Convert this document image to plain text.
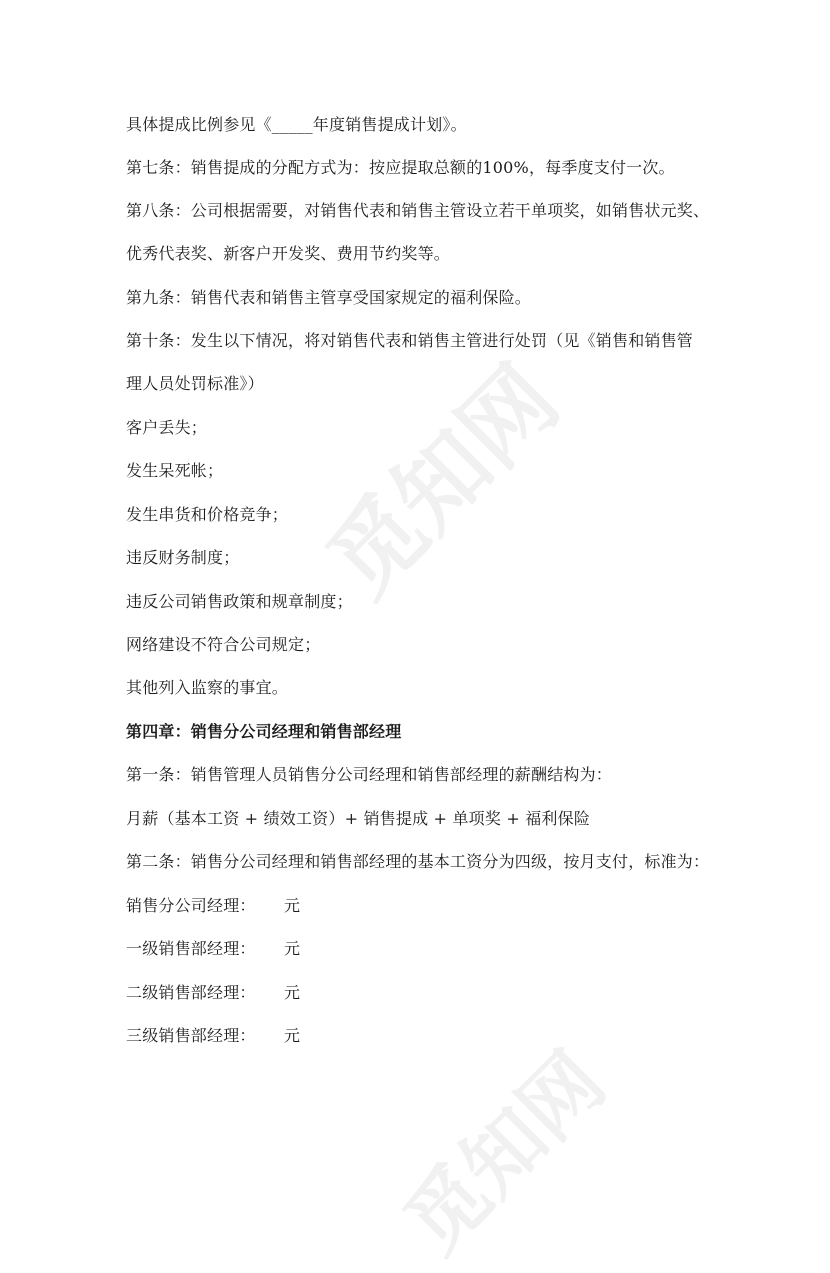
具体提成比例参见《_____年度销售提成计划》。
第七条：销售提成的分配方式为：按应提取总额的100%，每季度支付一次。
第八条：公司根据需要，对销售代表和销售主管设立若干单项奖，如销售状元奖、
优秀代表奖、新客户开发奖、费用节约奖等。
第九条：销售代表和销售主管享受国家规定的福利保险。
第十条：发生以下情况，将对销售代表和销售主管进行处罚（见《销售和销售管
理人员处罚标准》）
客户丢失；
发生呆死帐；
发生串货和价格竞争；
违反财务制度；
违反公司销售政策和规章制度；
网络建设不符合公司规定；
其他列入监察的事宜。
第四章：销售分公司经理和销售部经理
第一条：销售管理人员销售分公司经理和销售部经理的薪酬结构为：
月薪（基本工资 + 绩效工资）+ 销售提成 + 单项奖 + 福利保险
第二条：销售分公司经理和销售部经理的基本工资分为四级，按月支付，标准为：
销售分公司经理： 元
一级销售部经理： 元
二级销售部经理： 元
三级销售部经理： 元
觅知网
觅知网
